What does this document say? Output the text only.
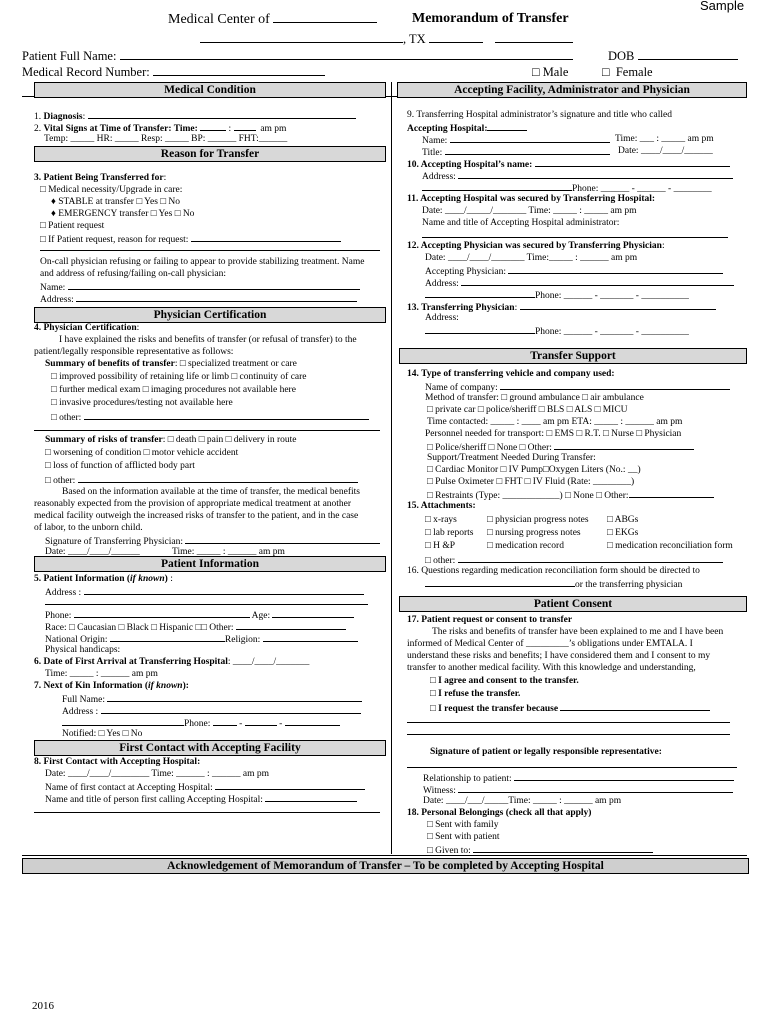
Sample
Medical Center of	Memorandum of Transfer
, TX
Patient Full Name:	DOB
Medical Record Number:	□ Male	□  Female
Medical Condition	Accepting Facility, Administrator and Physician
Reason for Transfer
Physician Certification
Patient Information
First Contact with Accepting Facility
Transfer Support
Patient Consent
Acknowledgement of Memorandum of Transfer – To be completed by Accepting Hospital
1. Diagnosis:
2. Vital Signs at Time of Transfer: Time:	:	am pm
Temp: _____ HR: _____ Resp: _____ BP: ______ FHT:______
3. Patient Being Transferred for:
□ Medical necessity/Upgrade in care:
♦ STABLE at transfer □ Yes □ No
♦ EMERGENCY transfer □ Yes □ No
□ Patient request
□ If Patient request, reason for request:
On-call physician refusing or failing to appear to provide stabilizing treatment. Name
and address of refusing/failing on-call physician:
Name:
Address:
4. Physician Certification:
I have explained the risks and benefits of transfer (or refusal of transfer) to the
patient/legally responsible representative as follows:
Summary of benefits of transfer: □ specialized treatment or care
□ improved possibility of retaining life or limb □ continuity of care
□ further medical exam □ imaging procedures not available here
□ invasive procedures/testing not available here
□ other:
Summary of risks of transfer: □ death □ pain □ delivery in route
□ worsening of condition □ motor vehicle accident
□ loss of function of afflicted body part
□ other:
Based on the information available at the time of transfer, the medical benefits
reasonably expected from the provision of appropriate medical treatment at another
medical facility outweigh the increased risks of transfer to the patient, and in the case
of labor, to the unborn child.
Signature of Transferring Physician:
Date: ____/____/______	Time: _____ : ______ am pm
5. Patient Information (if known) :
Address :
Phone:	Age:
Race: □ Caucasian □ Black □ Hispanic □□ Other:
National Origin:	Religion:
Physical handicaps:
6. Date of First Arrival at Transferring Hospital: ____/____/_______
Time: _____ : ______ am pm
7. Next of Kin Information (if known):
Full Name:
Address :
Phone:	-	-
Notified: □ Yes □ No
8. First Contact with Accepting Hospital:
Date: ____/____/________ Time: ______ : ______ am pm
Name of first contact at Accepting Hospital:
Name and title of person first calling Accepting Hospital:
9. Transferring Hospital administrator’s signature and title who called
Accepting Hospital:
Name:	Time: ___ : _____ am pm
Title:	Date: ____/____/______
10. Accepting Hospital’s name:
Address:
Phone: ______ - ______ - ________
11. Accepting Hospital was secured by Transferring Hospital:
Date: ____/_____/_______ Time: _____ : _____ am pm
Name and title of Accepting Hospital administrator:
12. Accepting Physician was secured by Transferring Physician:
Date: ____/____/_______ Time:_____ : ______ am pm
Accepting Physician:
Address:
Phone: ______ - _______ - __________
13. Transferring Physician:
Address:
Phone: ______ - _______ - __________
14. Type of transferring vehicle and company used:
Name of company:
Method of transfer: □ ground ambulance □ air ambulance
□ private car □ police/sheriff □ BLS □ ALS □ MICU
Time contacted: _____ : ____ am pm ETA: _____ : ______ am pm
Personnel needed for transport: □ EMS □ R.T. □ Nurse □ Physician
□ Police/sheriff □ None □ Other:
Support/Treatment Needed During Transfer:
□ Cardiac Monitor □ IV Pump□Oxygen Liters (No.: __)
□ Pulse Oximeter □ FHT □ IV Fluid (Rate: ________)
□ Restraints (Type: ____________) □ None □ Other:
15. Attachments:
□ x-rays	□ physician progress notes □ ABGs
□ lab reports □ nursing progress notes	□ EKGs
□ H &P	□ medication record	□ medication reconciliation form
□ other:
16. Questions regarding medication reconciliation form should be directed to
or the transferring physician
17. Patient request or consent to transfer
The risks and benefits of transfer have been explained to me and I have been
informed of Medical Center of _________’s obligations under EMTALA. I
understand these risks and benefits; I have considered them and I consent to my
transfer to another medical facility. With this knowledge and understanding,
□ I agree and consent to the transfer.
□ I refuse the transfer.
□ I request the transfer because
Signature of patient or legally responsible representative:
Relationship to patient:
Witness:
Date: ____/___/_____Time: _____ : ______ am pm
18. Personal Belongings (check all that apply)
□ Sent with family
□ Sent with patient
□ Given to:
2016
